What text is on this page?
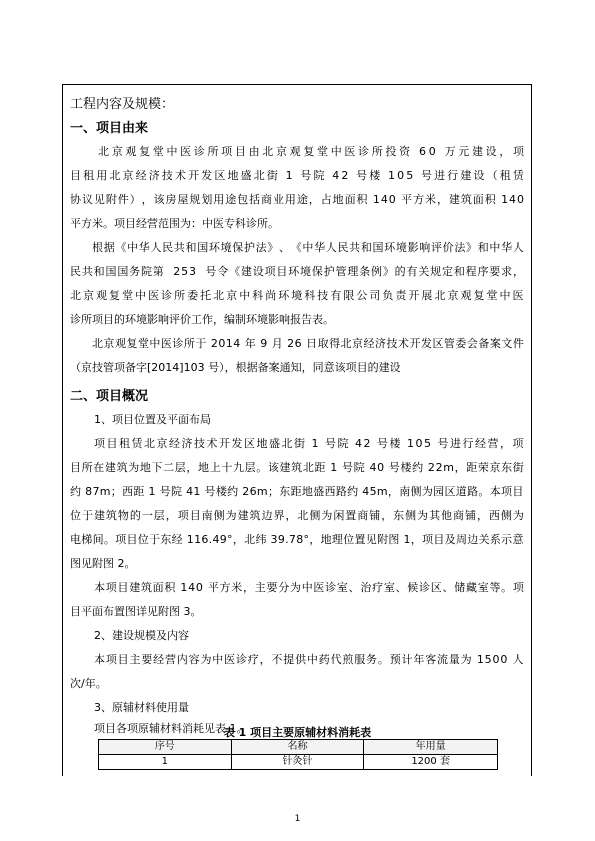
工程内容及规模：
一、项目由来
北 京 观 复 堂 中 医 诊 所 项 目 由 北 京 观 复 堂 中 医 诊 所 投 资
6 0
万 元 建 设 ， 项
目 租 用 北 京 经 济 技 术 开 发 区 地 盛 北 街
1
号 院
4 2
号 楼
1 0 5
号 进 行 建 设 （ 租 赁
协 议 见 附 件 ） ， 该 房 屋 规 划 用 途 包 括 商 业 用 途 ， 占 地 面 积
1 4 0
平 方 米 ， 建 筑 面 积
1 4 0
平方米。项目经营范围为：中医专科诊所。
根 据 《 中 华 人 民 共 和 国 环 境 保 护 法 》 、 《 中 华 人 民 共 和 国 环 境 影 响 评 价 法 》 和 中 华 人
民 共 和 国 国 务 院 第

2 5 3

号 令 《 建 设 项 目 环 境 保 护 管 理 条 例 》 的 有 关 规 定 和 程 序 要 求 ，
北 京 观 复 堂 中 医 诊 所 委 托 北 京 中 科 尚 环 境 科 技 有 限 公 司 负 责 开 展 北 京 观 复 堂 中 医
诊所项目的环境影响评价工作，编制环境影响报告表。
北 京 观 复 堂 中 医 诊 所 于
2 0 1 4
年
9
月
2 6
日 取 得 北 京 经 济 技 术 开 发 区 管 委 会 备 案 文 件
（京技管项备字[2014]103 号），根据备案通知，同意该项目的建设
二、项目概况
1、项目位置及平面布局
项 目 租 赁 北 京 经 济 技 术 开 发 区 地 盛 北 街
1
号 院
4 2
号 楼
1 0 5
号 进 行 经 营 ， 项
目 所 在 建 筑 为 地 下 二 层 ， 地 上 十 九 层 。 该 建 筑 北 距
1
号 院
4 0
号 楼 约
2 2 m ， 距 荣 京 东 街
约
8 7 m ； 西 距
1
号 院
4 1
号 楼 约
2 6 m ； 东 距 地 盛 西 路 约
4 5 m ， 南 侧 为 园 区 道 路 。 本 项 目
位 于 建 筑 物 的 一 层 ， 项 目 南 侧 为 建 筑 边 界 ， 北 侧 为 闲 置 商 铺 ， 东 侧 为 其 他 商 铺 ， 西 侧 为
电 梯 间 。 项 目 位 于 东 经
1 1 6 . 4 9 ° ， 北 纬
3 9 . 7 8 ° ， 地 理 位 置 见 附 图
1 ， 项 目 及 周 边 关 系 示 意
图见附图 2。
本 项 目 建 筑 面 积
1 4 0
平 方 米 ， 主 要 分 为 中 医 诊 室 、 治 疗 室 、 候 诊 区 、 储 藏 室 等 。 项
目平面布置图详见附图 3。
2、建设规模及内容
本 项 目 主 要 经 营 内 容 为 中 医 诊 疗 ， 不 提 供 中 药 代 煎 服 务 。 预 计 年 客 流 量 为
1 5 0 0
人
次/年。
3、原辅材料使用量
项目各项原辅材料消耗见表 1。
表 1 项目主要原辅材料消耗表
序号	名称	年用量
1	针灸针	1200 套
1
